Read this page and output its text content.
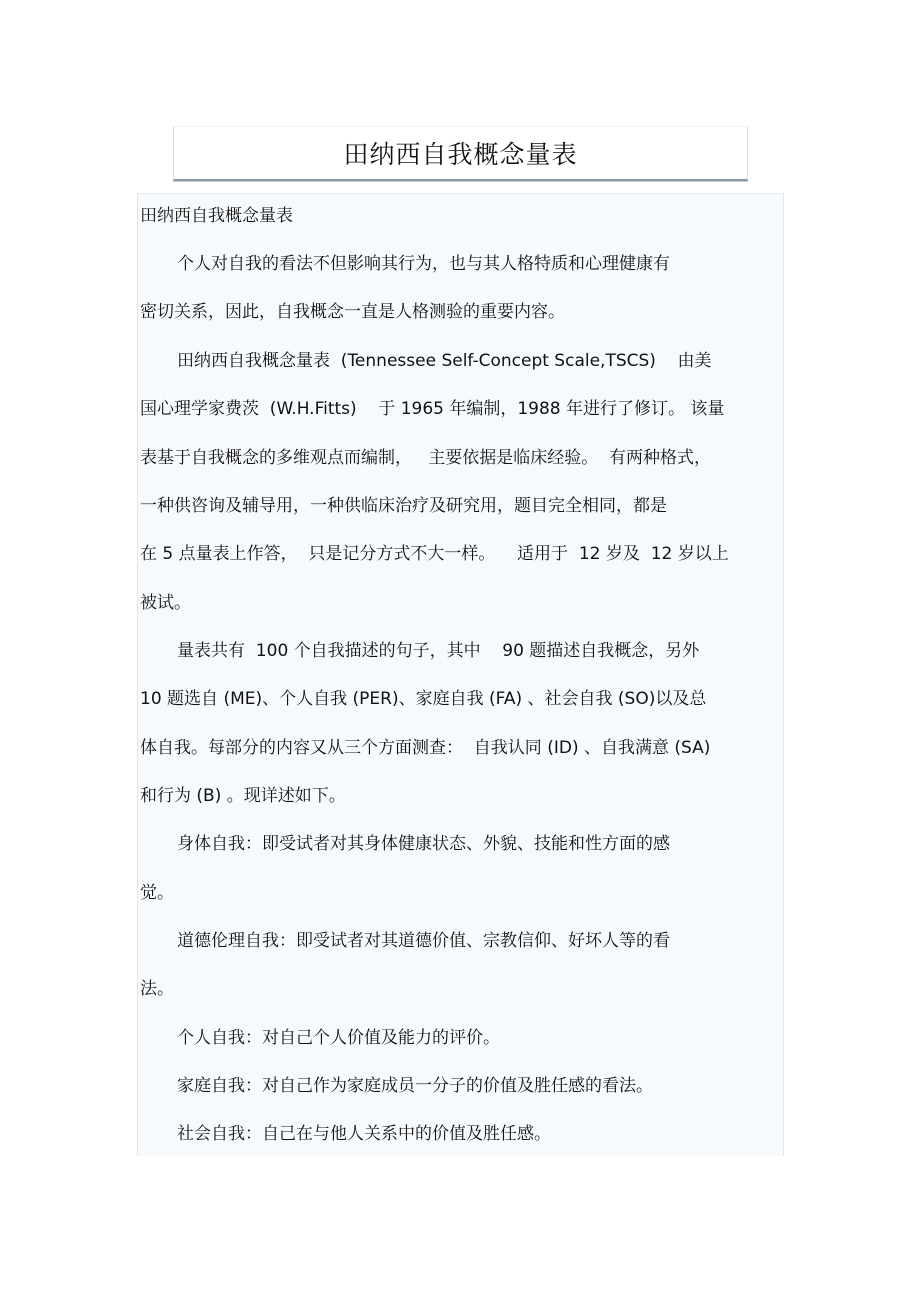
田纳西自我概念量表
田纳西自我概念量表
个人对自我的看法不但影响其行为，也与其人格特质和心理健康有
密切关系，因此，自我概念一直是人格测验的重要内容。
田纳西自我概念量表  (Tennessee Self-Concept Scale,TSCS)    由美
国心理学家费茨  (W.H.Fitts)    于 1965 年编制，1988 年进行了修订。 该量
表基于自我概念的多维观点而编制，   主要依据是临床经验。  有两种格式，
一种供咨询及辅导用，一种供临床治疗及研究用，题目完全相同，都是
在 5 点量表上作答，  只是记分方式不大一样。    适用于  12 岁及  12 岁以上
被试。
量表共有  100 个自我描述的句子，其中    90 题描述自我概念，另外
10 题选自 (ME)、个人自我 (PER)、家庭自我 (FA) 、社会自我 (SO)以及总
体自我。每部分的内容又从三个方面测查：  自我认同 (ID) 、自我满意 (SA)
和行为 (B) 。现详述如下。
身体自我：即受试者对其身体健康状态、外貌、技能和性方面的感
觉。
道德伦理自我：即受试者对其道德价值、宗教信仰、好坏人等的看
法。
个人自我：对自己个人价值及能力的评价。
家庭自我：对自己作为家庭成员一分子的价值及胜任感的看法。
社会自我：自己在与他人关系中的价值及胜任感。
